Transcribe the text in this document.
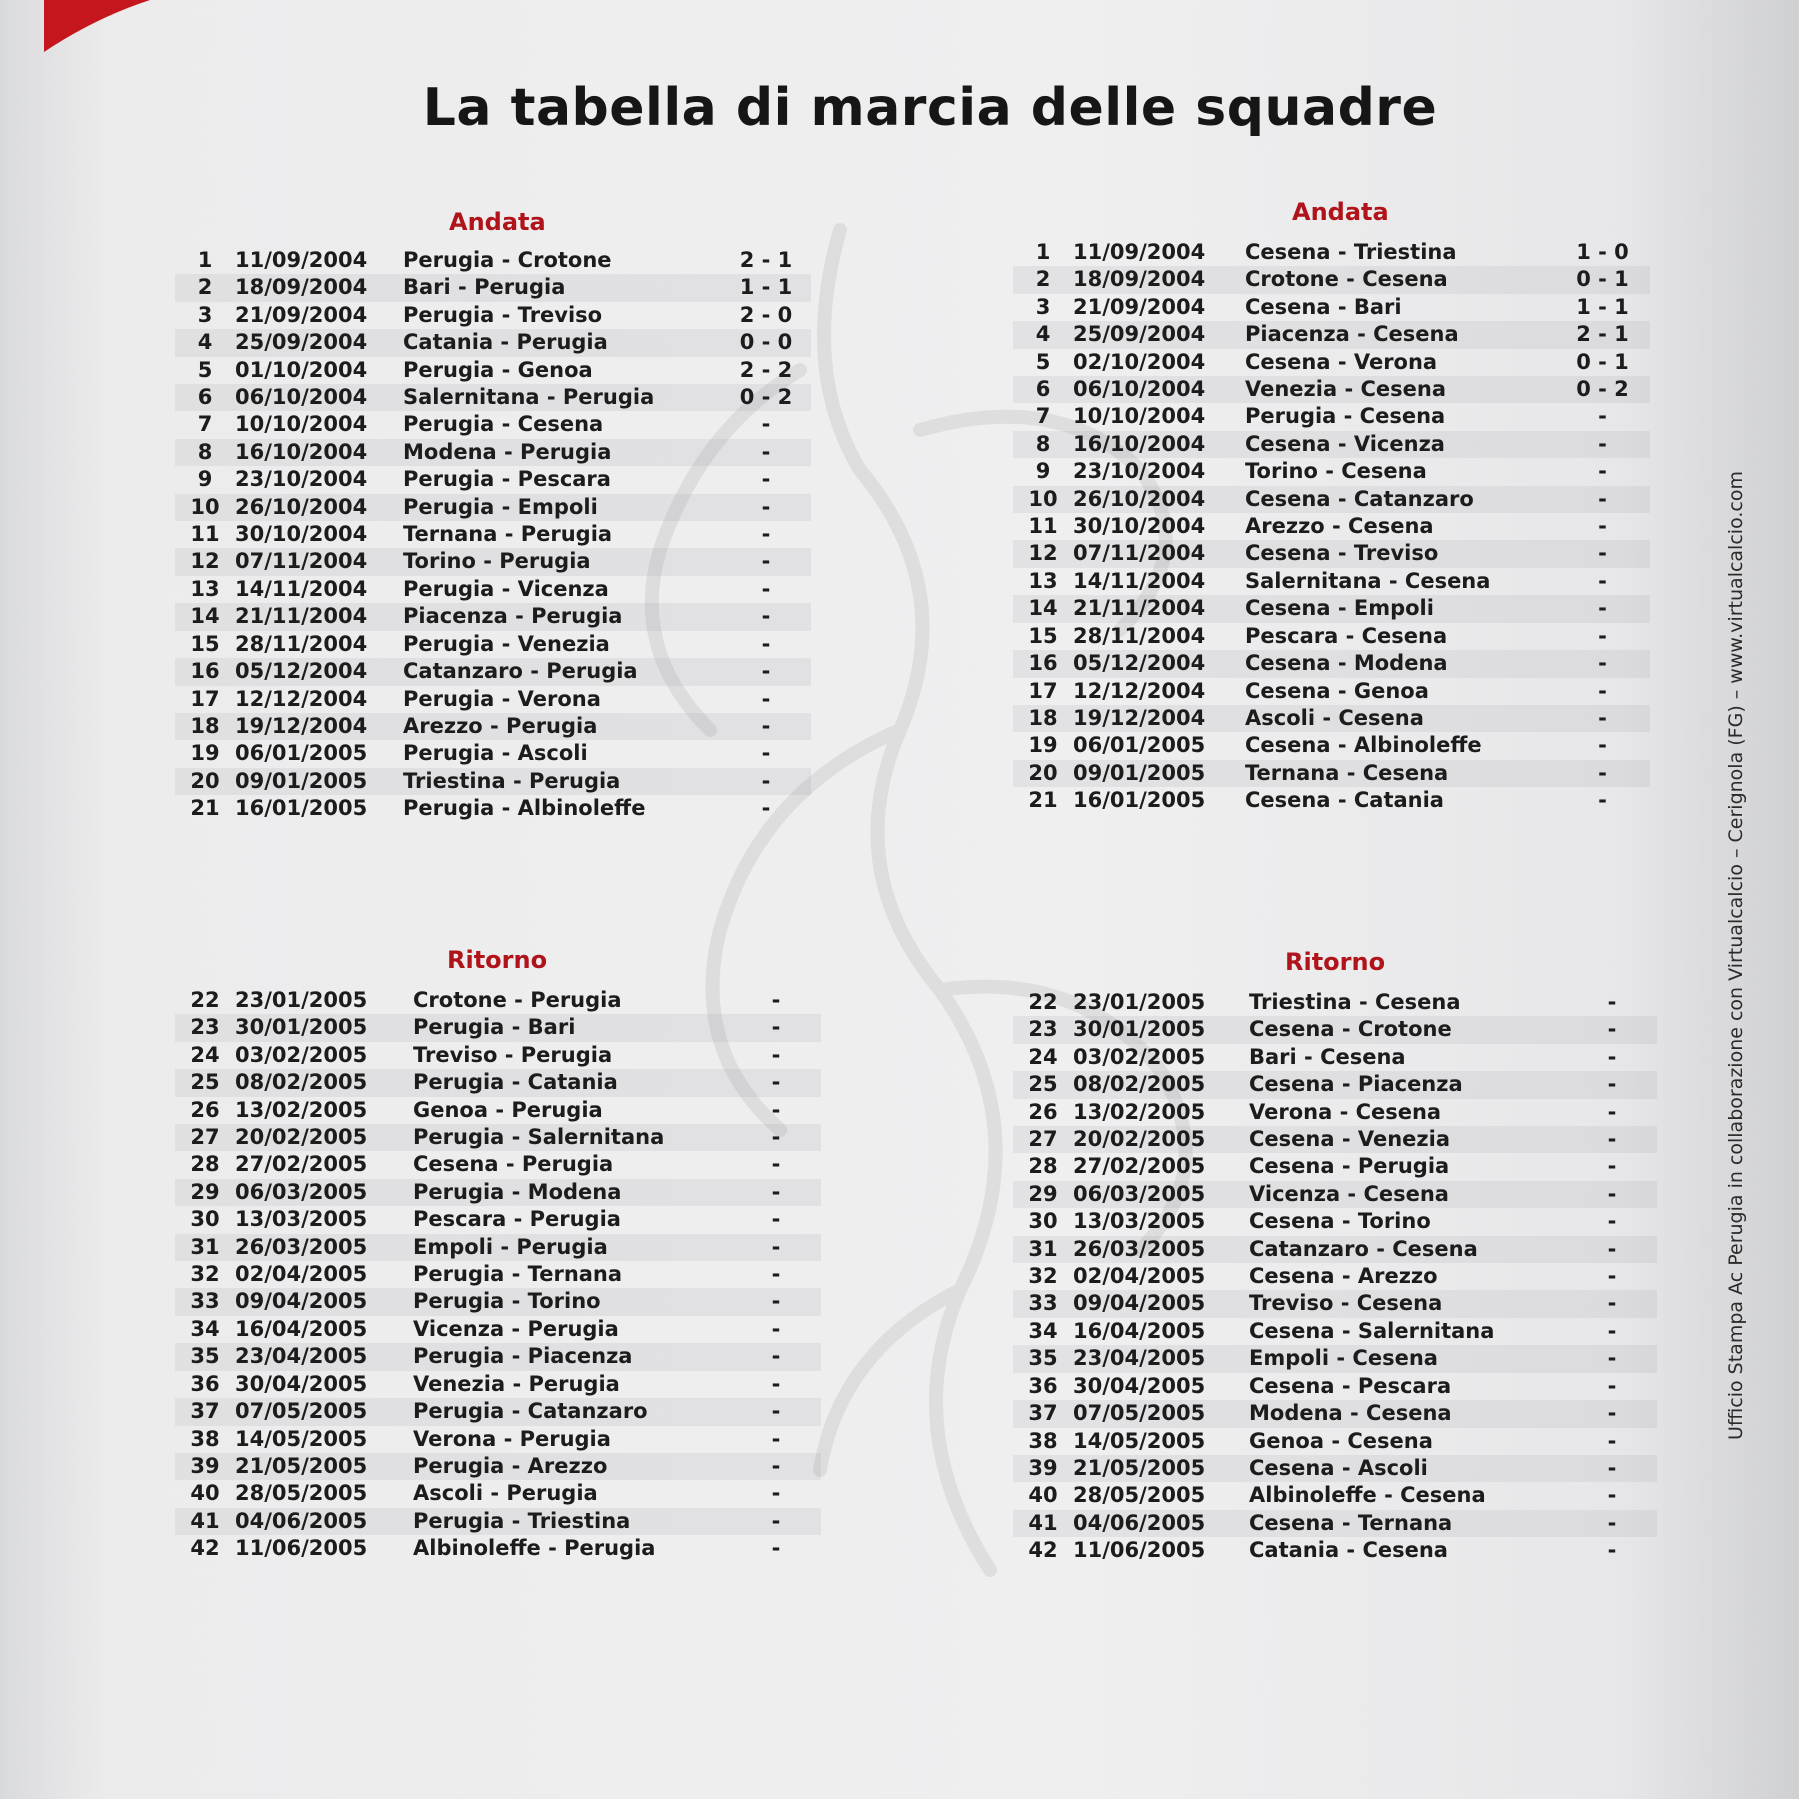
La tabella di marcia delle squadre
Andata
1	11/09/2004	Perugia - Crotone	2 - 1
2	18/09/2004	Bari - Perugia	1 - 1
3	21/09/2004	Perugia - Treviso	2 - 0
4	25/09/2004	Catania - Perugia	0 - 0
5	01/10/2004	Perugia - Genoa	2 - 2
6	06/10/2004	Salernitana - Perugia	0 - 2
7	10/10/2004	Perugia - Cesena	-
8	16/10/2004	Modena - Perugia	-
9	23/10/2004	Perugia - Pescara	-
10	26/10/2004	Perugia - Empoli	-
11	30/10/2004	Ternana - Perugia	-
12	07/11/2004	Torino - Perugia	-
13	14/11/2004	Perugia - Vicenza	-
14	21/11/2004	Piacenza - Perugia	-
15	28/11/2004	Perugia - Venezia	-
16	05/12/2004	Catanzaro - Perugia	-
17	12/12/2004	Perugia - Verona	-
18	19/12/2004	Arezzo - Perugia	-
19	06/01/2005	Perugia - Ascoli	-
20	09/01/2005	Triestina - Perugia	-
21	16/01/2005	Perugia - Albinoleffe	-
Andata
1	11/09/2004	Cesena - Triestina	1 - 0
2	18/09/2004	Crotone - Cesena	0 - 1
3	21/09/2004	Cesena - Bari	1 - 1
4	25/09/2004	Piacenza - Cesena	2 - 1
5	02/10/2004	Cesena - Verona	0 - 1
6	06/10/2004	Venezia - Cesena	0 - 2
7	10/10/2004	Perugia - Cesena	-
8	16/10/2004	Cesena - Vicenza	-
9	23/10/2004	Torino - Cesena	-
10	26/10/2004	Cesena - Catanzaro	-
11	30/10/2004	Arezzo - Cesena	-
12	07/11/2004	Cesena - Treviso	-
13	14/11/2004	Salernitana - Cesena	-
14	21/11/2004	Cesena - Empoli	-
15	28/11/2004	Pescara - Cesena	-
16	05/12/2004	Cesena - Modena	-
17	12/12/2004	Cesena - Genoa	-
18	19/12/2004	Ascoli - Cesena	-
19	06/01/2005	Cesena - Albinoleffe	-
20	09/01/2005	Ternana - Cesena	-
21	16/01/2005	Cesena - Catania	-
Ritorno
22	23/01/2005	Crotone - Perugia	-
23	30/01/2005	Perugia - Bari	-
24	03/02/2005	Treviso - Perugia	-
25	08/02/2005	Perugia - Catania	-
26	13/02/2005	Genoa - Perugia	-
27	20/02/2005	Perugia - Salernitana	-
28	27/02/2005	Cesena - Perugia	-
29	06/03/2005	Perugia - Modena	-
30	13/03/2005	Pescara - Perugia	-
31	26/03/2005	Empoli - Perugia	-
32	02/04/2005	Perugia - Ternana	-
33	09/04/2005	Perugia - Torino	-
34	16/04/2005	Vicenza - Perugia	-
35	23/04/2005	Perugia - Piacenza	-
36	30/04/2005	Venezia - Perugia	-
37	07/05/2005	Perugia - Catanzaro	-
38	14/05/2005	Verona - Perugia	-
39	21/05/2005	Perugia - Arezzo	-
40	28/05/2005	Ascoli - Perugia	-
41	04/06/2005	Perugia - Triestina	-
42	11/06/2005	Albinoleffe - Perugia	-
Ritorno
22	23/01/2005	Triestina - Cesena	-
23	30/01/2005	Cesena - Crotone	-
24	03/02/2005	Bari - Cesena	-
25	08/02/2005	Cesena - Piacenza	-
26	13/02/2005	Verona - Cesena	-
27	20/02/2005	Cesena - Venezia	-
28	27/02/2005	Cesena - Perugia	-
29	06/03/2005	Vicenza - Cesena	-
30	13/03/2005	Cesena - Torino	-
31	26/03/2005	Catanzaro - Cesena	-
32	02/04/2005	Cesena - Arezzo	-
33	09/04/2005	Treviso - Cesena	-
34	16/04/2005	Cesena - Salernitana	-
35	23/04/2005	Empoli - Cesena	-
36	30/04/2005	Cesena - Pescara	-
37	07/05/2005	Modena - Cesena	-
38	14/05/2005	Genoa - Cesena	-
39	21/05/2005	Cesena - Ascoli	-
40	28/05/2005	Albinoleffe - Cesena	-
41	04/06/2005	Cesena - Ternana	-
42	11/06/2005	Catania - Cesena	-
Ufficio Stampa Ac Perugia in collaborazione con Virtualcalcio – Cerignola (FG) – www.virtualcalcio.com
